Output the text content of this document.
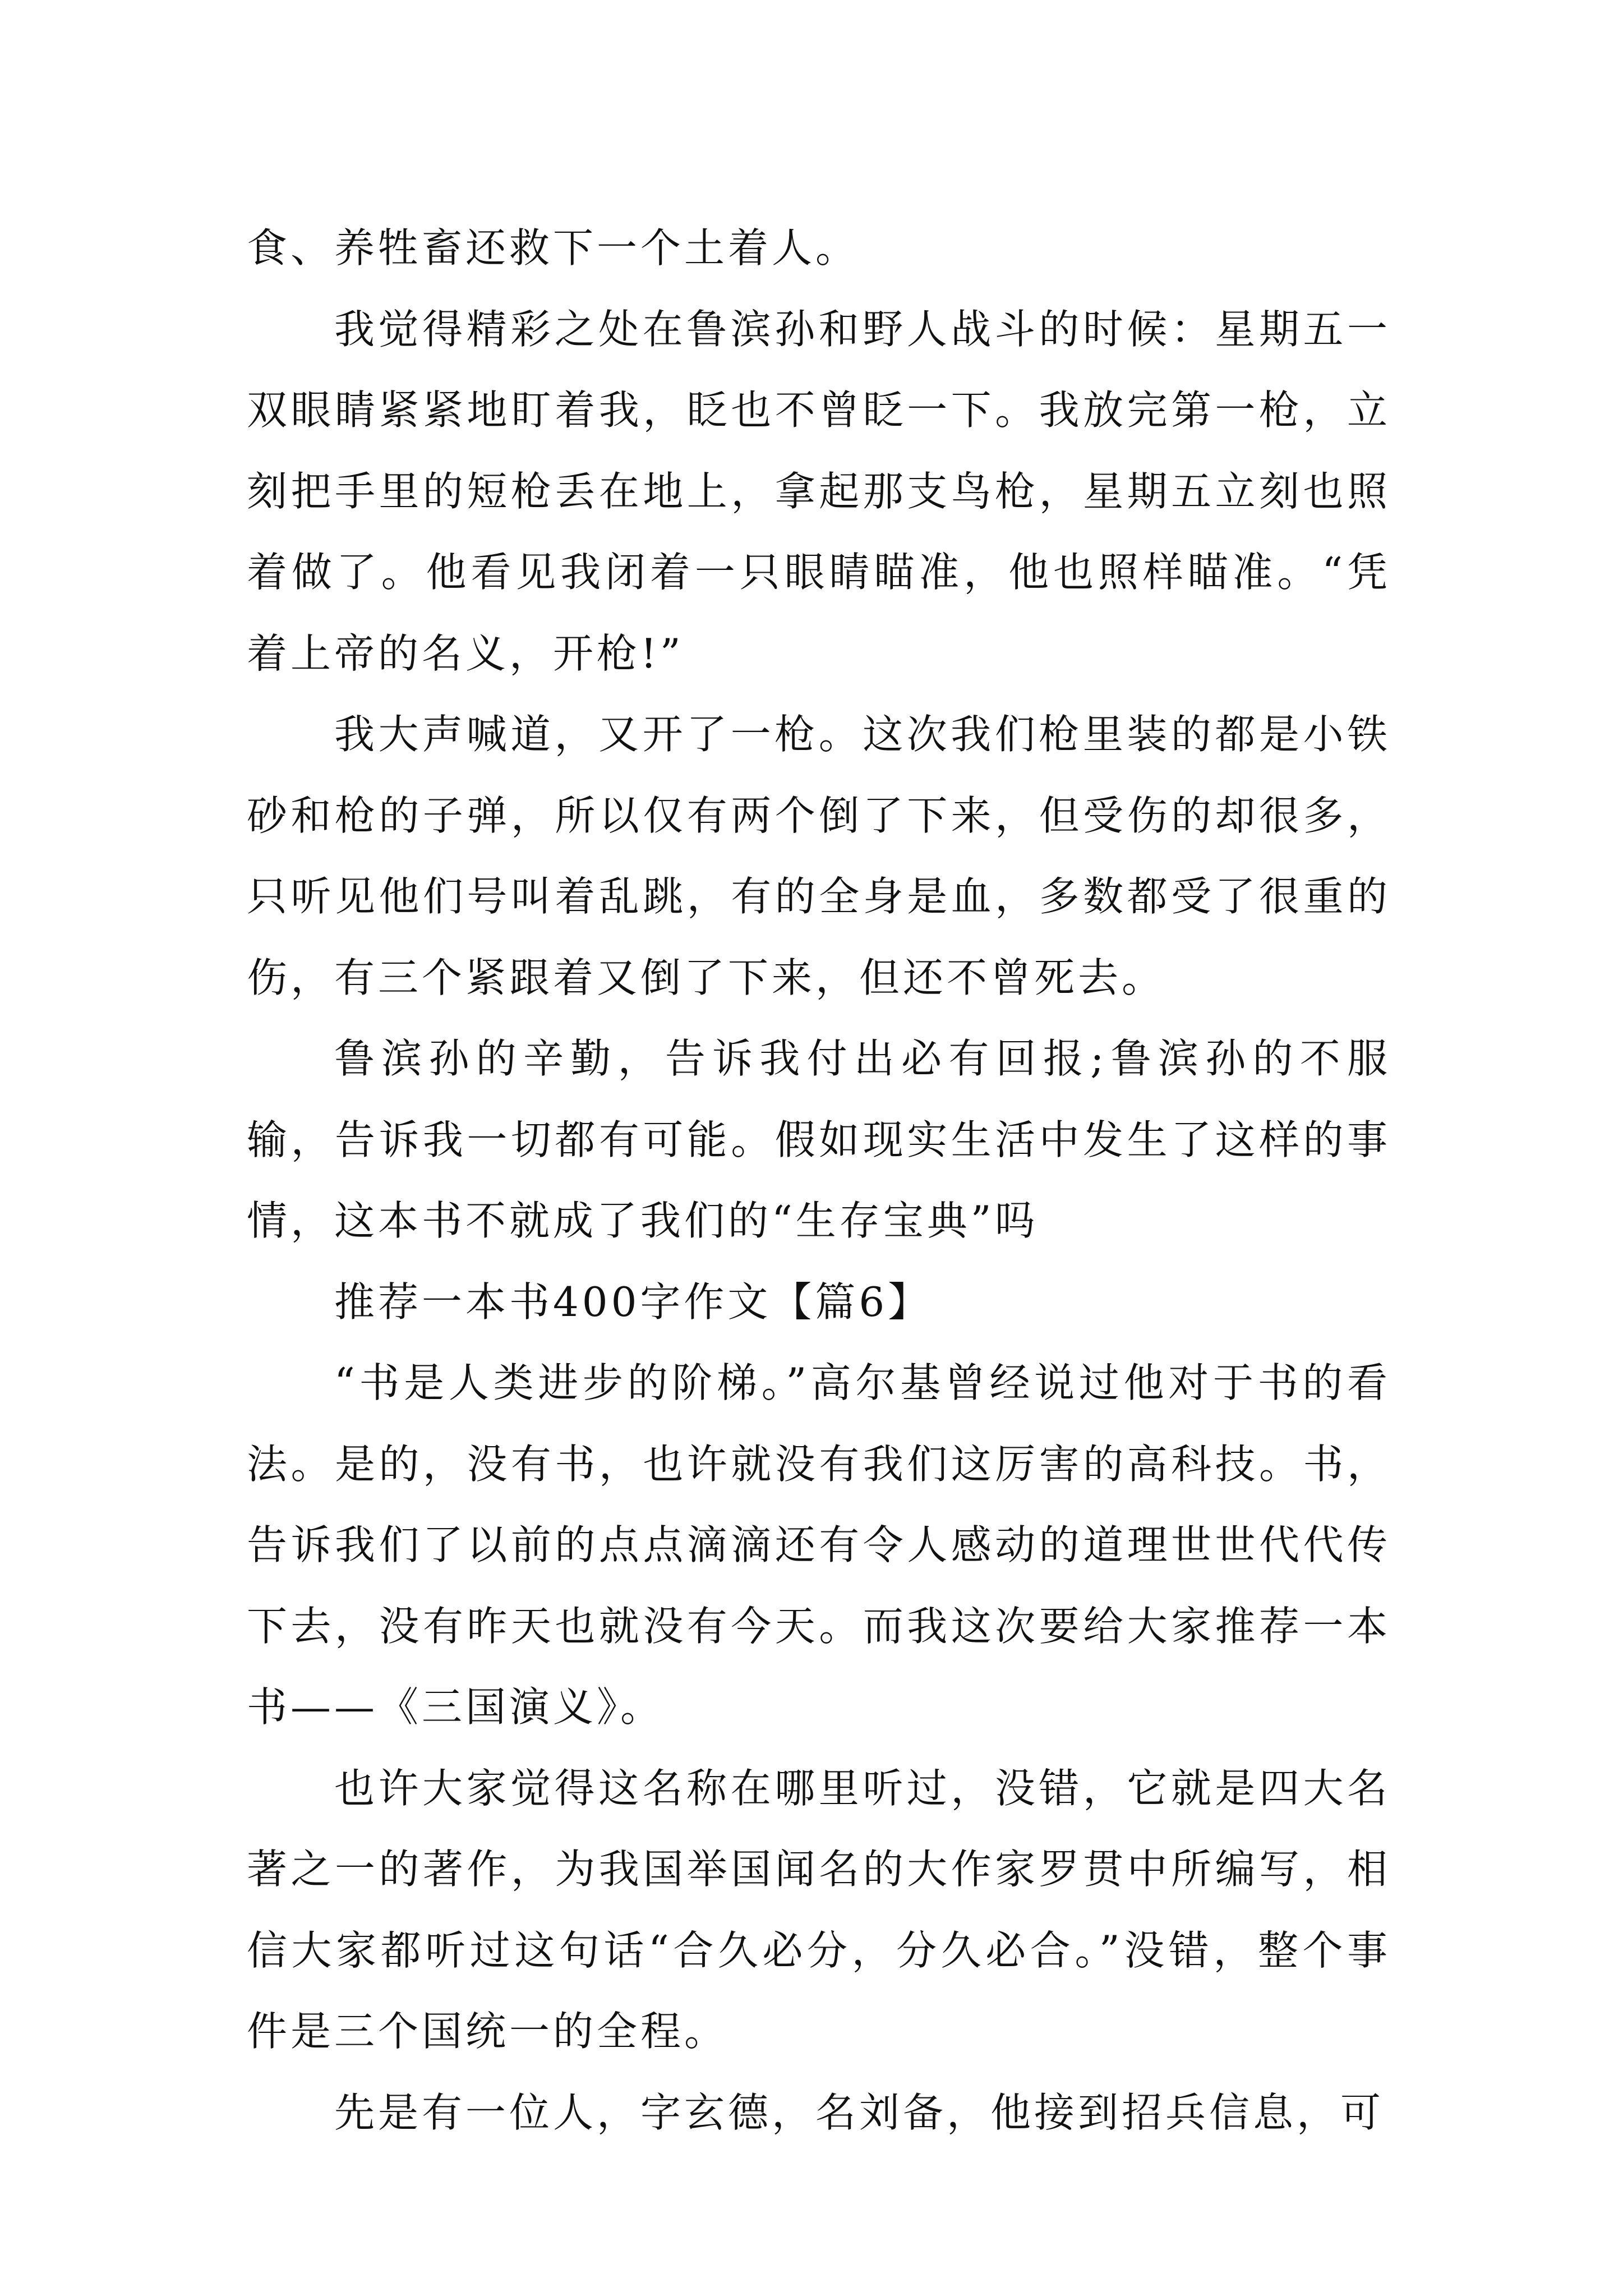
食、养牲畜还救下一个土着人。

我觉得精彩之处在鲁滨孙和野人战斗的时候：星期五一双眼睛紧紧地盯着我，眨也不曾眨一下。我放完第一枪，立刻把手里的短枪丢在地上，拿起那支鸟枪，星期五立刻也照着做了。他看见我闭着一只眼睛瞄准，他也照样瞄准。“凭着上帝的名义，开枪!”

我大声喊道，又开了一枪。这次我们枪里装的都是小铁砂和枪的子弹，所以仅有两个倒了下来，但受伤的却很多，只听见他们号叫着乱跳，有的全身是血，多数都受了很重的伤，有三个紧跟着又倒了下来，但还不曾死去。

鲁滨孙的辛勤，告诉我付出必有回报;鲁滨孙的不服输，告诉我一切都有可能。假如现实生活中发生了这样的事情，这本书不就成了我们的“生存宝典”吗

推荐一本书400字作文【篇6】

“书是人类进步的阶梯。”高尔基曾经说过他对于书的看法。是的，没有书，也许就没有我们这厉害的高科技。书，告诉我们了以前的点点滴滴还有令人感动的道理世世代代传下去，没有昨天也就没有今天。而我这次要给大家推荐一本书——《三国演义》。

也许大家觉得这名称在哪里听过，没错，它就是四大名著之一的著作，为我国举国闻名的大作家罗贯中所编写，相信大家都听过这句话“合久必分，分久必合。”没错，整个事件是三个国统一的全程。

先是有一位人，字玄德，名刘备，他接到招兵信息，可
